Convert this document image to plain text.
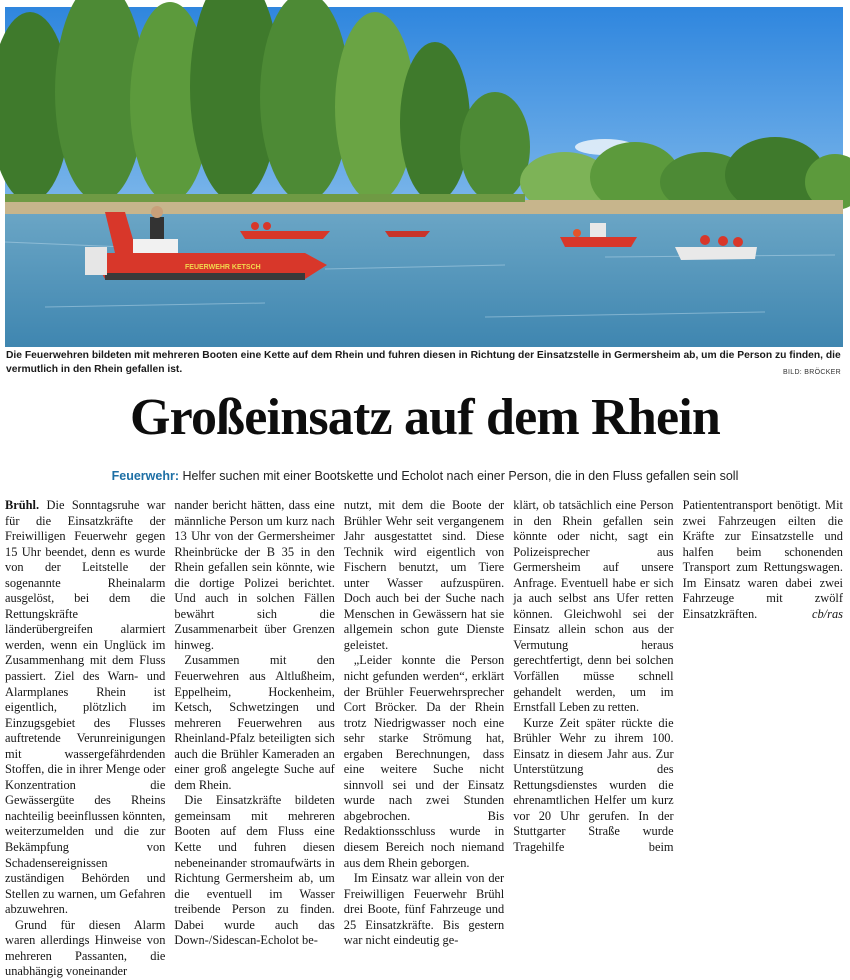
FEUERWEHR KETSCH
Die Feuerwehren bildeten mit mehreren Booten eine Kette auf dem Rhein und fuhren diesen in Richtung der Einsatzstelle in Germersheim ab, um die Person zu finden, die vermutlich in den Rhein gefallen ist.	BILD: BRÖCKER
Großeinsatz auf dem Rhein
Feuerwehr: Helfer suchen mit einer Bootskette und Echolot nach einer Person, die in den Fluss gefallen sein soll

Brühl. Die Sonntagsruhe war für die Einsatzkräfte der Freiwilligen Feuerwehr gegen 15 Uhr beendet, denn es wurde von der Leitstelle der sogenannte Rheinalarm ausgelöst, bei dem die Rettungskräfte länderübergreifen alarmiert werden, wenn ein Unglück im Zusammenhang mit dem Fluss passiert. Ziel des Warn- und Alarmplanes Rhein ist eigentlich, plötzlich im Einzugsgebiet des Flusses auftretende Verunreinigungen mit wassergefährdenden Stoffen, die in ihrer Menge oder Konzentration die Gewässergüte des Rheins nachteilig beeinflussen könnten, weiterzumelden und die zur Bekämpfung von Schadensereignissen zuständigen Behörden und Stellen zu warnen, um Gefahren abzuwehren.

Grund für diesen Alarm waren allerdings Hinweise von mehreren Passanten, die unabhängig voneinander

nander bericht hätten, dass eine männliche Person um kurz nach 13 Uhr von der Germersheimer Rheinbrücke der B 35 in den Rhein gefallen sein könnte, wie die dortige Polizei berichtet. Und auch in solchen Fällen bewährt sich die Zusammenarbeit über Grenzen hinweg.

Zusammen mit den Feuerwehren aus Altlußheim, Eppelheim, Hockenheim, Ketsch, Schwetzingen und mehreren Feuerwehren aus Rheinland-Pfalz beteiligten sich auch die Brühler Kameraden an einer groß angelegte Suche auf dem Rhein.

Die Einsatzkräfte bildeten gemeinsam mit mehreren Booten auf dem Fluss eine Kette und fuhren diesen nebeneinander stromaufwärts in Richtung Germersheim ab, um die eventuell im Wasser treibende Person zu finden. Dabei wurde auch das Down-/Sidescan-Echolot be-

nutzt, mit dem die Boote der Brühler Wehr seit vergangenem Jahr ausgestattet sind. Diese Technik wird eigentlich von Fischern benutzt, um Tiere unter Wasser aufzuspüren. Doch auch bei der Suche nach Menschen in Gewässern hat sie allgemein schon gute Dienste geleistet.

„Leider konnte die Person nicht gefunden werden“, erklärt der Brühler Feuerwehrsprecher Cort Bröcker. Da der Rhein trotz Niedrigwasser noch eine sehr starke Strömung hat, ergaben Berechnungen, dass eine weitere Suche nicht sinnvoll sei und der Einsatz wurde nach zwei Stunden abgebrochen. Bis Redaktionsschluss wurde in diesem Bereich noch niemand aus dem Rhein geborgen.

Im Einsatz war allein von der Freiwilligen Feuerwehr Brühl drei Boote, fünf Fahrzeuge und 25 Einsatzkräfte. Bis gestern war nicht eindeutig ge-

klärt, ob tatsächlich eine Person in den Rhein gefallen sein könnte oder nicht, sagt ein Polizeisprecher aus Germersheim auf unsere Anfrage. Eventuell habe er sich ja auch selbst ans Ufer retten können. Gleichwohl sei der Einsatz allein schon aus der Vermutung heraus gerechtfertigt, denn bei solchen Vorfällen müsse schnell gehandelt werden, um im Ernstfall Leben zu retten.

Kurze Zeit später rückte die Brühler Wehr zu ihrem 100. Einsatz in diesem Jahr aus. Zur Unterstützung des Rettungsdienstes wurden die ehrenamtlichen Helfer um kurz vor 20 Uhr gerufen. In der Stuttgarter Straße wurde Tragehilfe beim Patiententransport benötigt. Mit zwei Fahrzeugen eilten die Kräfte zur Einsatzstelle und halfen beim schonenden Transport zum Rettungswagen. Im Einsatz waren dabei zwei Fahrzeuge mit zwölf Einsatzkräften.	cb/ras
